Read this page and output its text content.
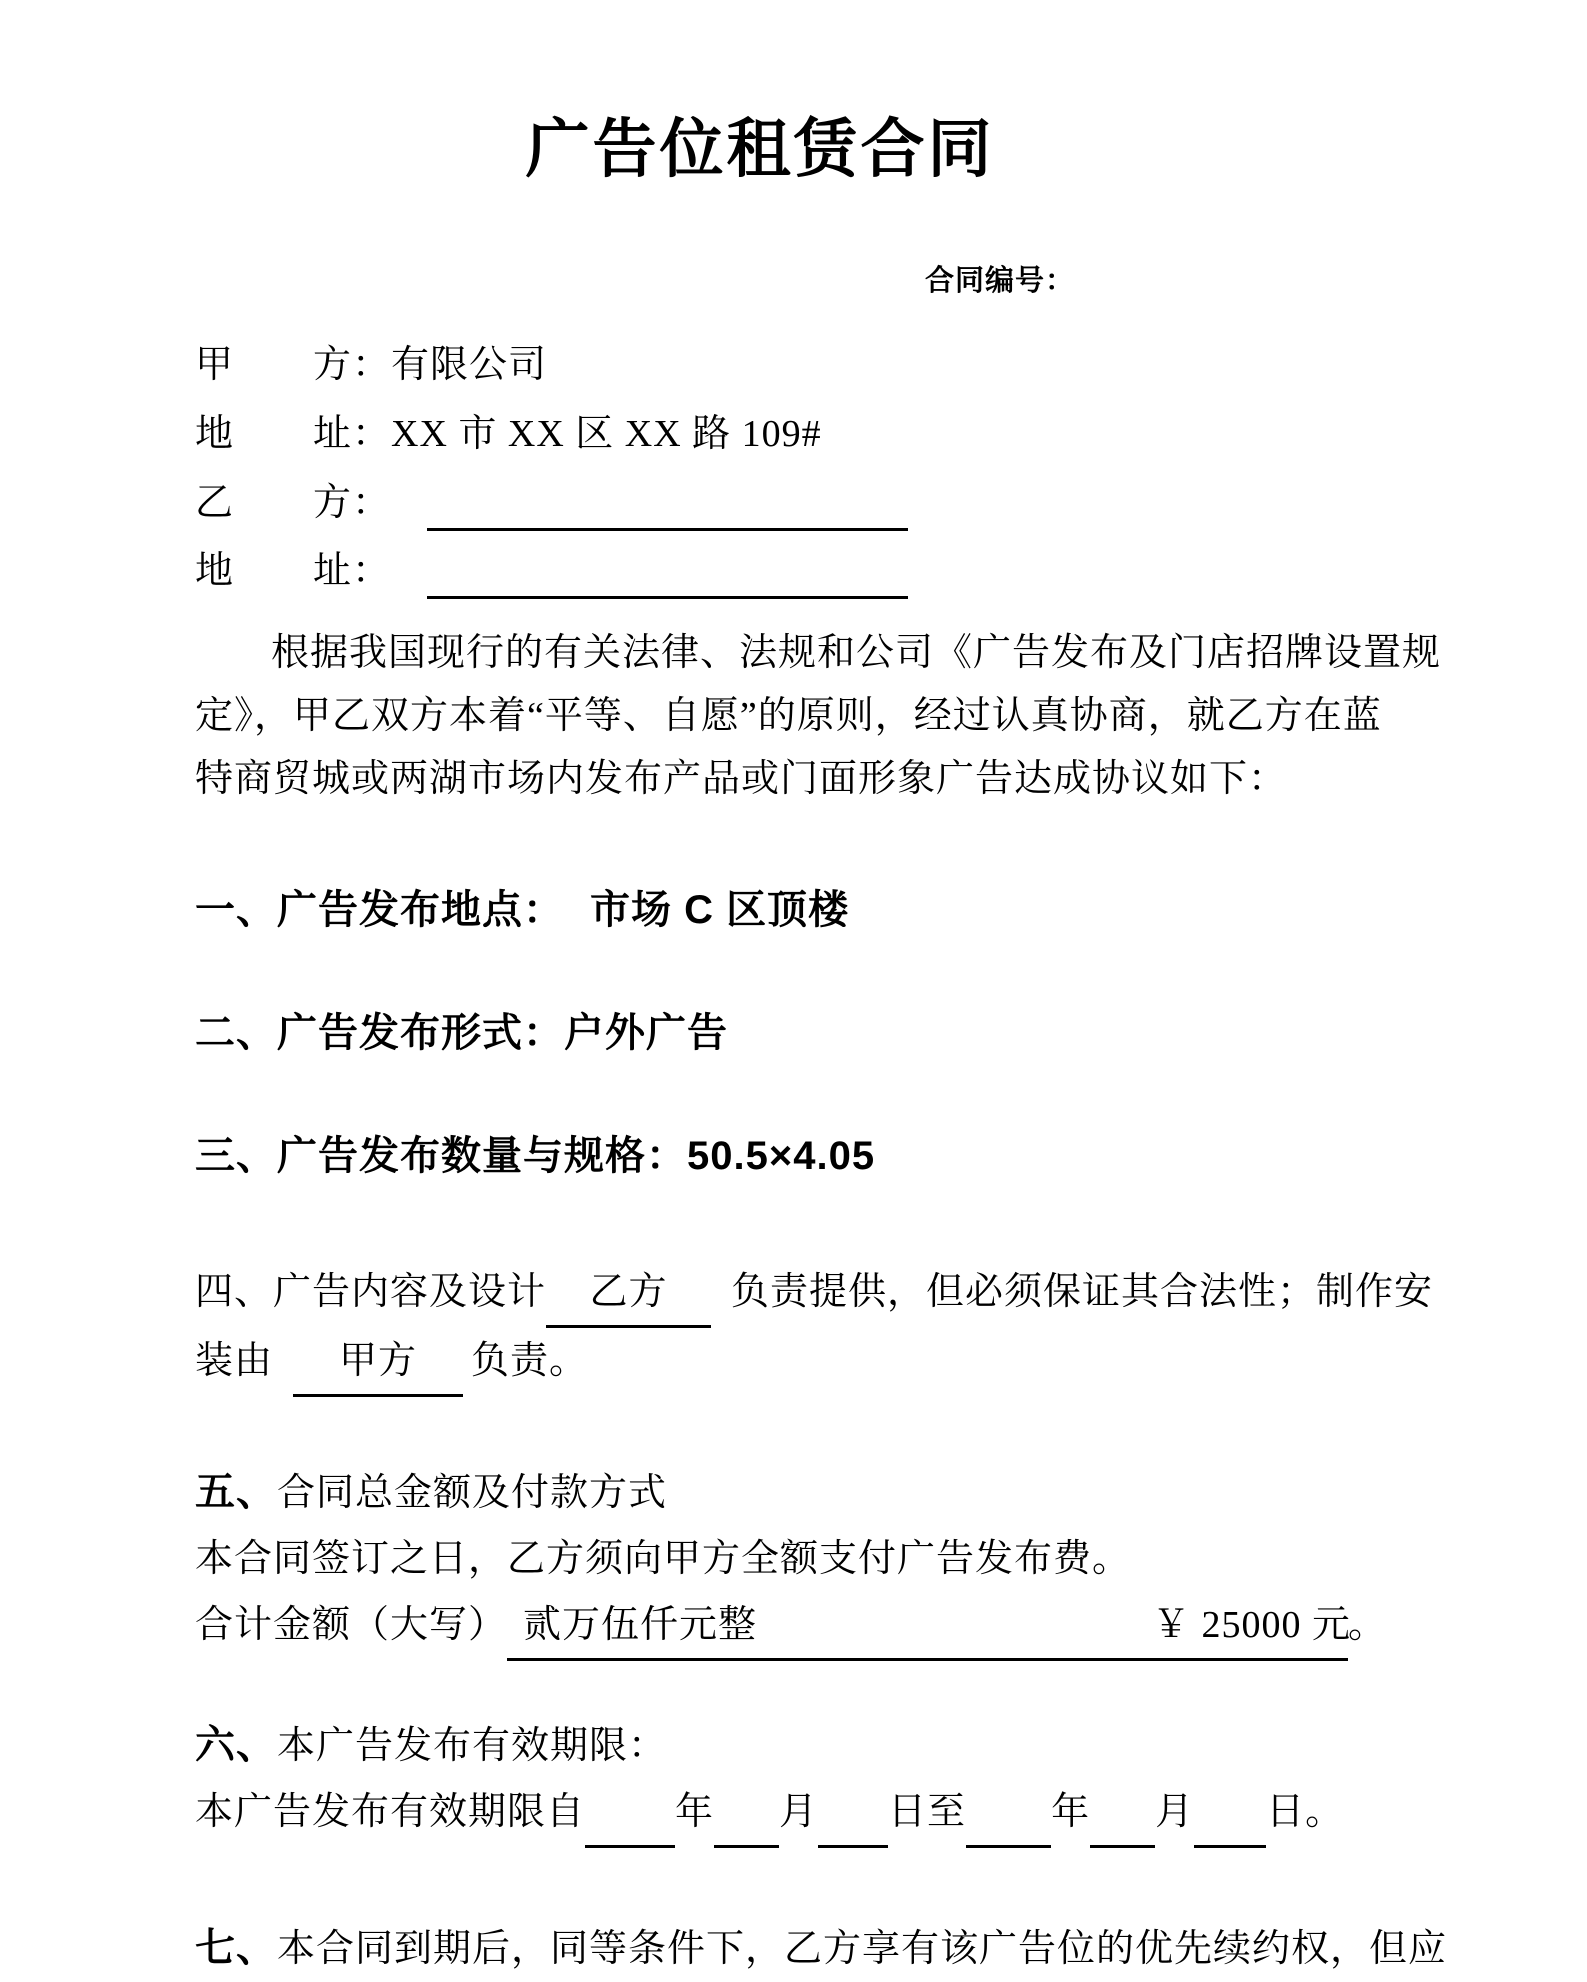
广告位租赁合同
合同编号：
甲 方：有限公司
地 址：XX 市 XX 区 XX 路 109#
乙 方：
地 址：
根据我国现行的有关法律、法规和公司《广告发布及门店招牌设置规
定》，甲乙双方本着“平等、自愿”的原则，经过认真协商，就乙方在蓝
特商贸城或两湖市场内发布产品或门面形象广告达成协议如下：
一、广告发布地点： 市场 C 区顶楼
二、广告发布形式：户外广告
三、广告发布数量与规格：50.5×4.05
四、广告内容及设计 乙方 负责提供，但必须保证其合法性；制作安
装由 甲方 负责。
五、合同总金额及付款方式
本合同签订之日，乙方须向甲方全额支付广告发布费。
合计金额（大写） 贰万伍仟元整	￥ 25000 元。
六、本广告发布有效期限：
本广告发布有效期限自 年 月 日至 年 月 日。
七、本合同到期后，同等条件下，乙方享有该广告位的优先续约权，但应
